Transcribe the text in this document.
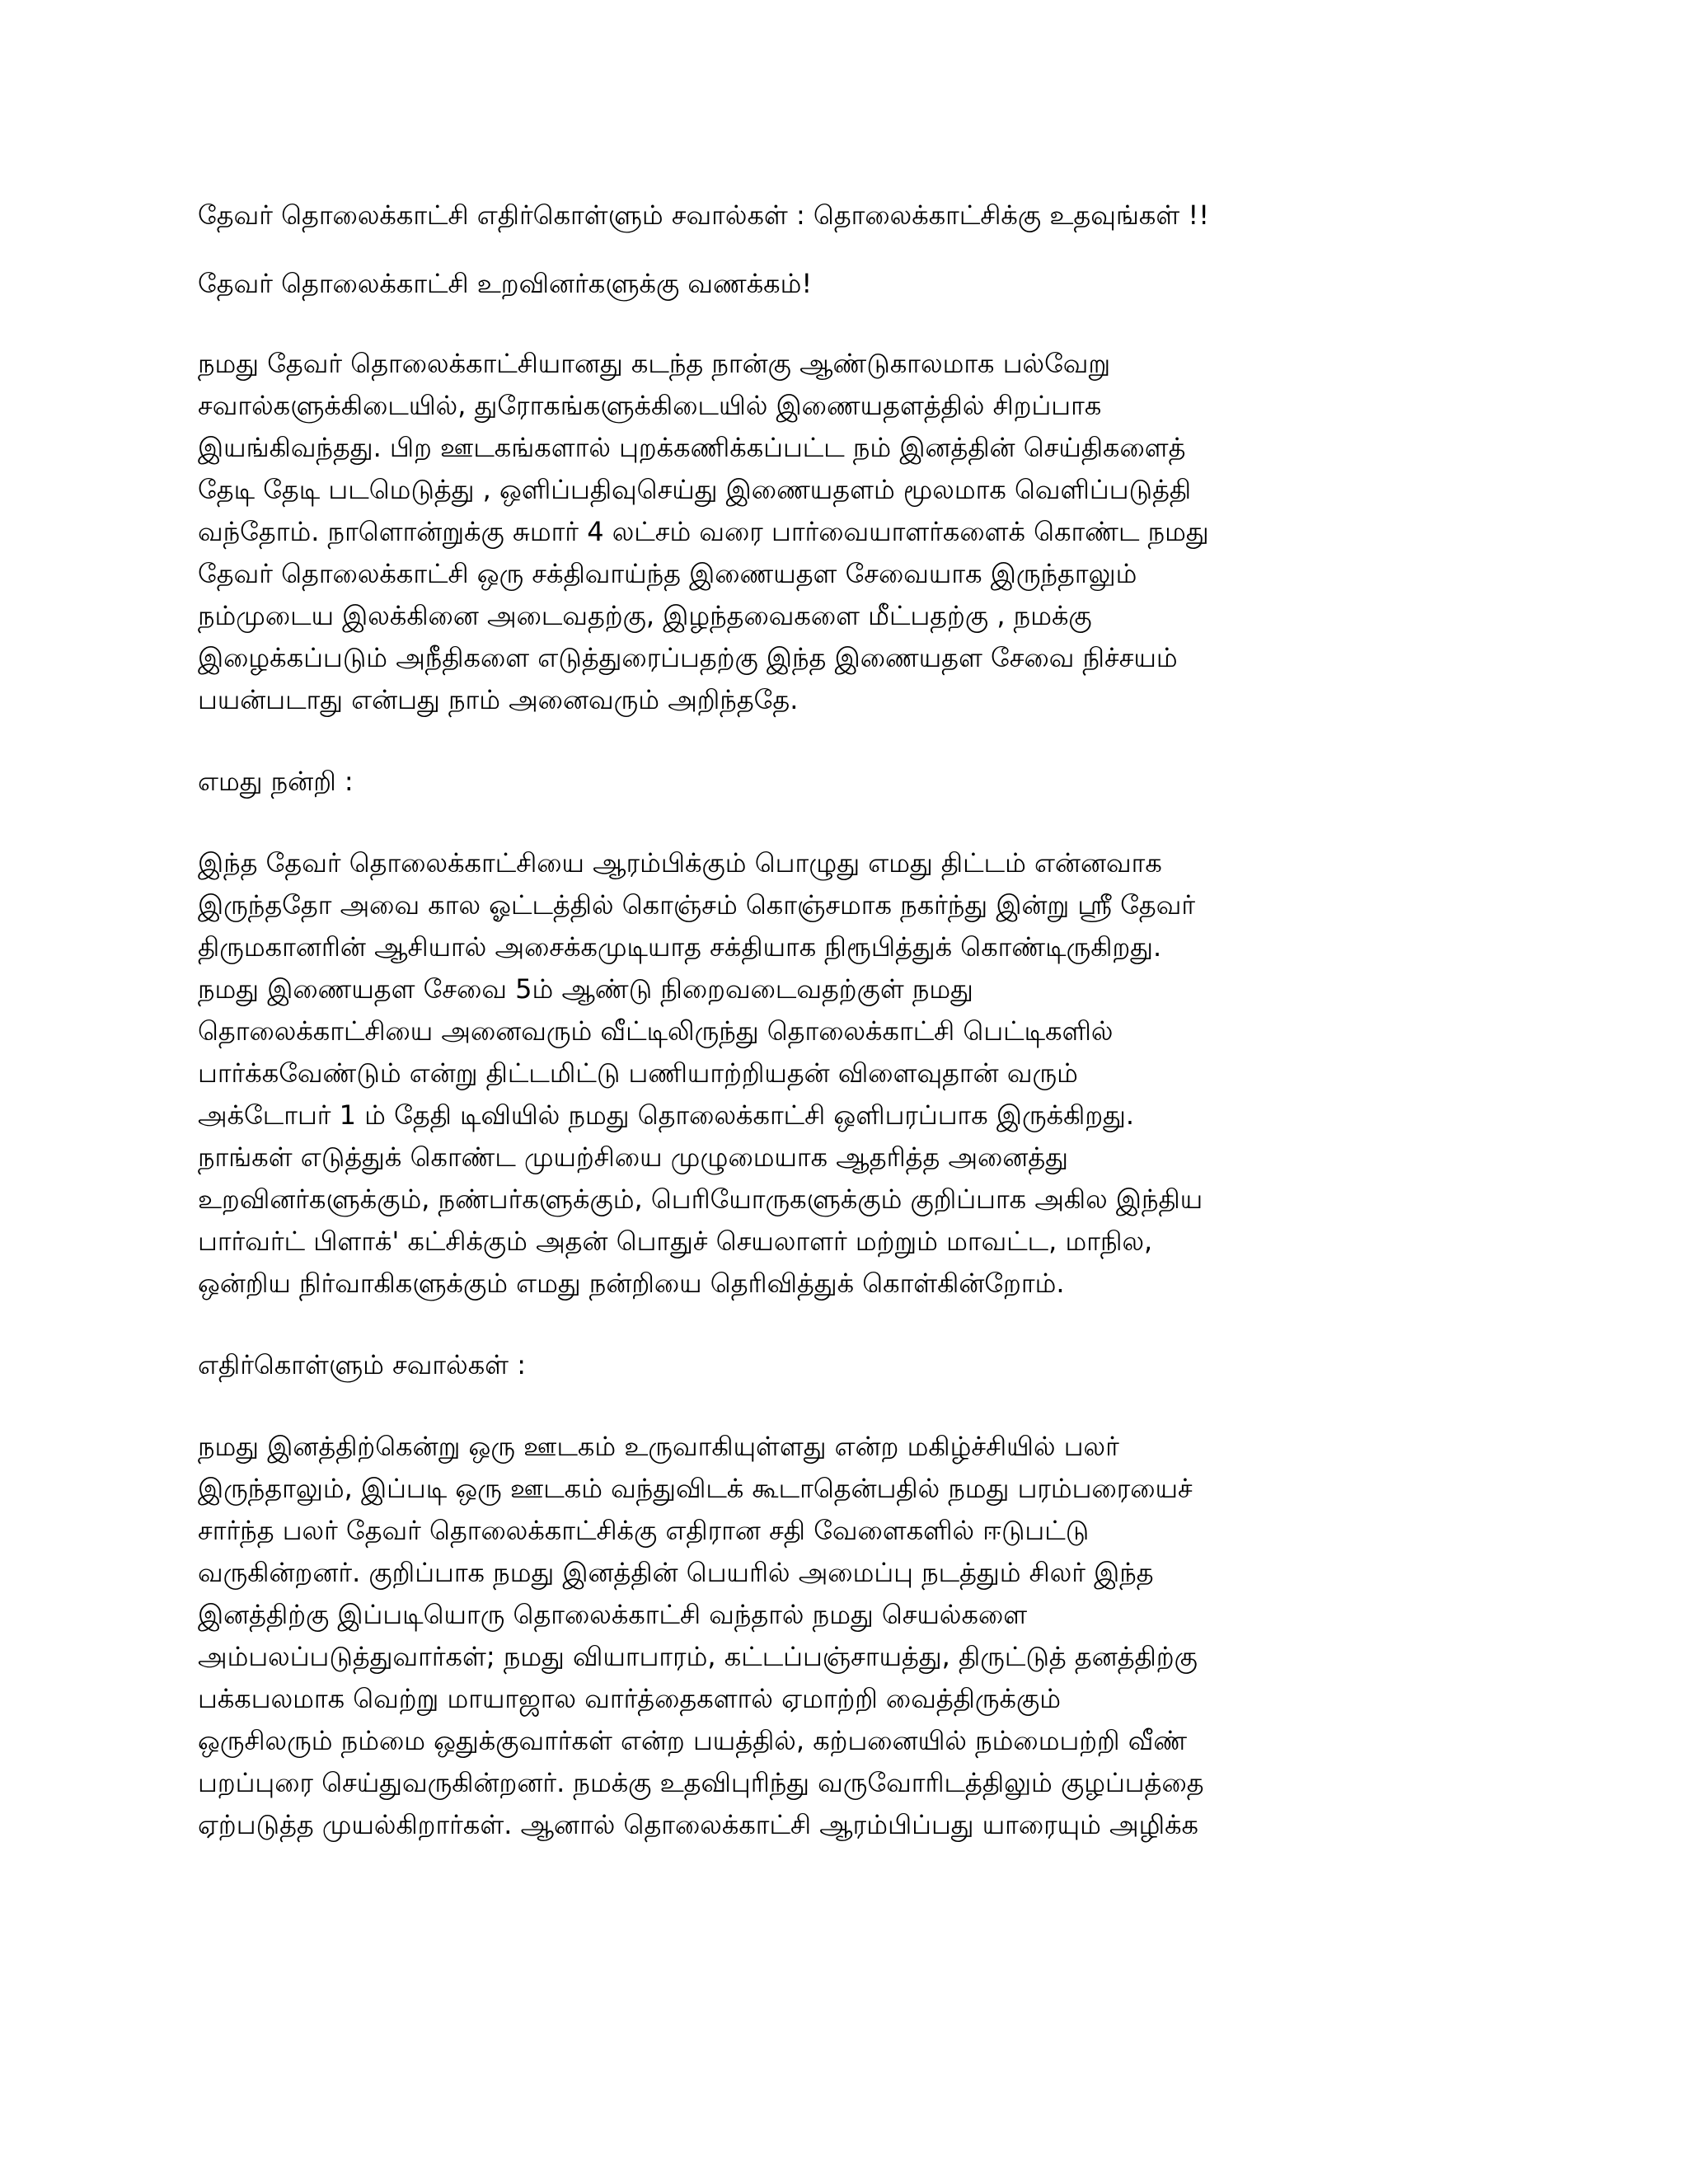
தேவர் தொலைக்காட்சி எதிர்கொள்ளும் சவால்கள் : தொலைக்காட்சிக்கு உதவுங்கள் !!
தேவர் தொலைக்காட்சி உறவினர்களுக்கு வணக்கம்!
நமது தேவர் தொலைக்காட்சியானது கடந்த நான்கு ஆண்டுகாலமாக பல்வேறு
சவால்களுக்கிடையில், துரோகங்களுக்கிடையில் இணையதளத்தில் சிறப்பாக
இயங்கிவந்தது. பிற ஊடகங்களால் புறக்கணிக்கப்பட்ட நம் இனத்தின் செய்திகளைத்
தேடி தேடி படமெடுத்து , ஒளிப்பதிவுசெய்து இணையதளம் மூலமாக வெளிப்படுத்தி
வந்தோம். நாளொன்றுக்கு சுமார் 4 லட்சம் வரை பார்வையாளர்களைக் கொண்ட நமது
தேவர் தொலைக்காட்சி ஒரு சக்திவாய்ந்த இணையதள சேவையாக இருந்தாலும்
நம்முடைய இலக்கினை அடைவதற்கு, இழந்தவைகளை மீட்பதற்கு , நமக்கு
இழைக்கப்படும் அநீதிகளை எடுத்துரைப்பதற்கு இந்த இணையதள சேவை நிச்சயம்
பயன்படாது என்பது நாம் அனைவரும் அறிந்ததே.
எமது நன்றி :
இந்த தேவர் தொலைக்காட்சியை ஆரம்பிக்கும் பொழுது எமது திட்டம் என்னவாக
இருந்ததோ அவை கால ஓட்டத்தில் கொஞ்சம் கொஞ்சமாக நகர்ந்து இன்று ஸ்ரீ தேவர்
திருமகானரின் ஆசியால் அசைக்கமுடியாத சக்தியாக நிரூபித்துக் கொண்டிருகிறது.
நமது இணையதள சேவை 5ம் ஆண்டு நிறைவடைவதற்குள் நமது
தொலைக்காட்சியை அனைவரும் வீட்டிலிருந்து தொலைக்காட்சி பெட்டிகளில்
பார்க்கவேண்டும் என்று திட்டமிட்டு பணியாற்றியதன் விளைவுதான் வரும்
அக்டோபர் 1 ம் தேதி டிவியில் நமது தொலைக்காட்சி ஒளிபரப்பாக இருக்கிறது.
நாங்கள் எடுத்துக் கொண்ட முயற்சியை முழுமையாக ஆதரித்த அனைத்து
உறவினர்களுக்கும், நண்பர்களுக்கும், பெரியோருகளுக்கும் குறிப்பாக அகில இந்திய
பார்வர்ட் பிளாக்' கட்சிக்கும் அதன் பொதுச் செயலாளர் மற்றும் மாவட்ட, மாநில,
ஒன்றிய நிர்வாகிகளுக்கும் எமது நன்றியை தெரிவித்துக் கொள்கின்றோம்.
எதிர்கொள்ளும் சவால்கள் :
நமது இனத்திற்கென்று ஒரு ஊடகம் உருவாகியுள்ளது என்ற மகிழ்ச்சியில் பலர்
இருந்தாலும், இப்படி ஒரு ஊடகம் வந்துவிடக் கூடாதென்பதில் நமது பரம்பரையைச்
சார்ந்த பலர் தேவர் தொலைக்காட்சிக்கு எதிரான சதி வேளைகளில் ஈடுபட்டு
வருகின்றனர். குறிப்பாக நமது இனத்தின் பெயரில் அமைப்பு நடத்தும் சிலர் இந்த
இனத்திற்கு இப்படியொரு தொலைக்காட்சி வந்தால் நமது செயல்களை
அம்பலப்படுத்துவார்கள்; நமது வியாபாரம், கட்டப்பஞ்சாயத்து, திருட்டுத் தனத்திற்கு
பக்கபலமாக வெற்று மாயாஜால வார்த்தைகளால் ஏமாற்றி வைத்திருக்கும்
ஒருசிலரும் நம்மை ஒதுக்குவார்கள் என்ற பயத்தில், கற்பனையில் நம்மைபற்றி வீண்
பறப்புரை செய்துவருகின்றனர். நமக்கு உதவிபுரிந்து வருவோரிடத்திலும் குழப்பத்தை
ஏற்படுத்த முயல்கிறார்கள். ஆனால் தொலைக்காட்சி ஆரம்பிப்பது யாரையும் அழிக்க
